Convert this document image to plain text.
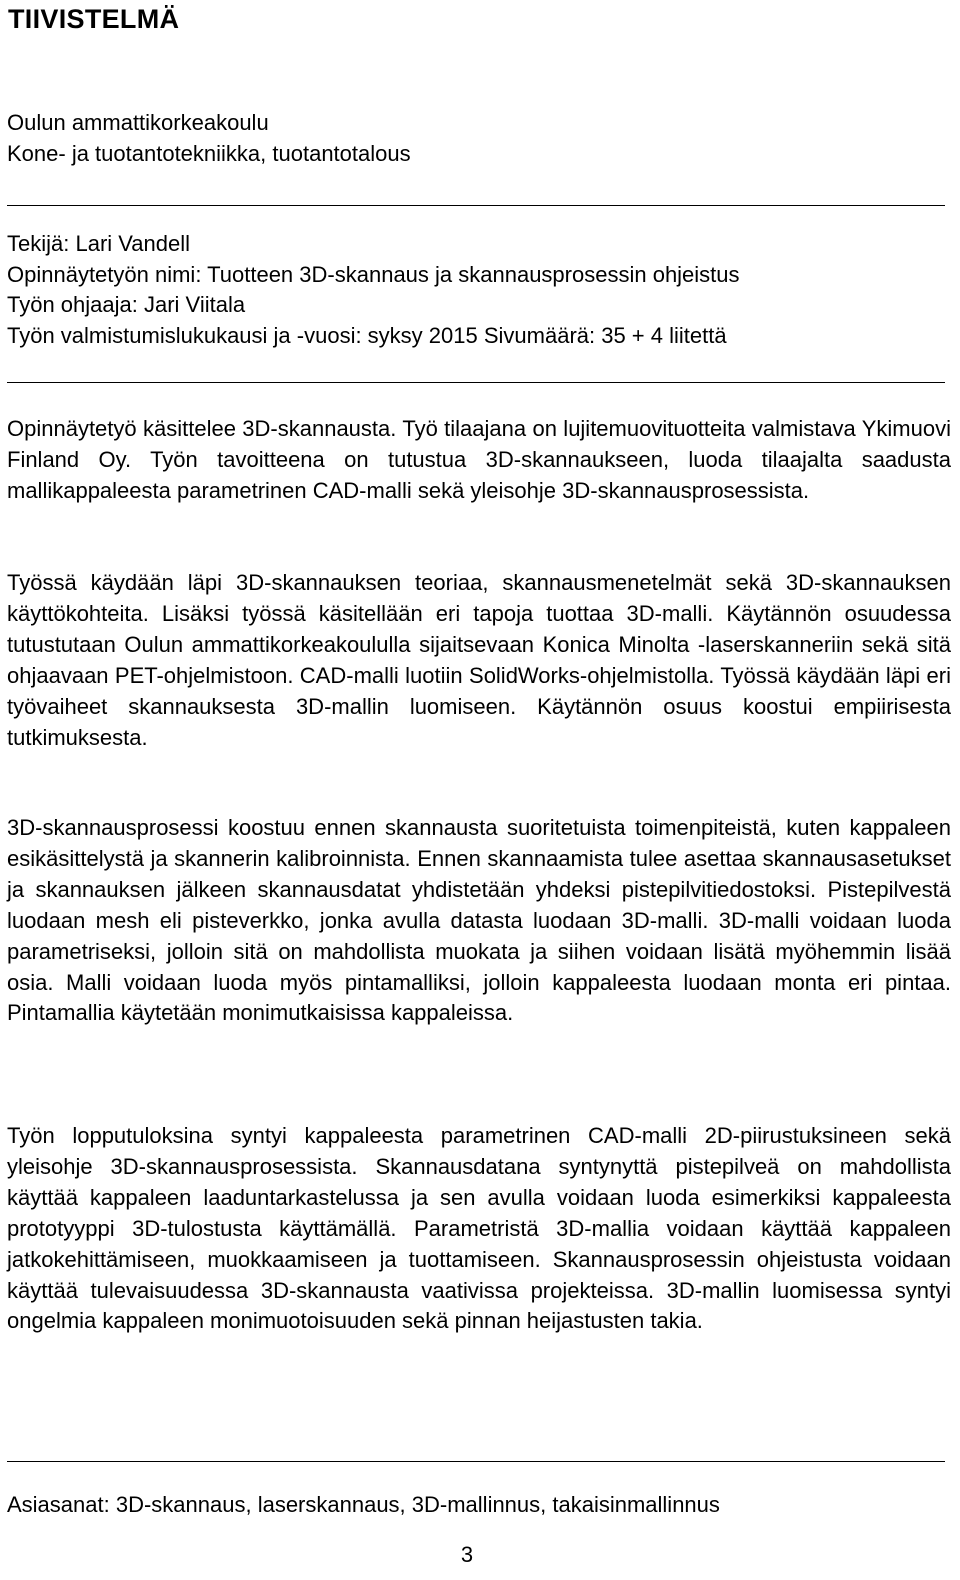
TIIVISTELMÄ
Oulun ammattikorkeakoulu
Kone- ja tuotantotekniikka, tuotantotalous
Tekijä: Lari Vandell
Opinnäytetyön nimi: Tuotteen 3D-skannaus ja skannausprosessin ohjeistus
Työn ohjaaja: Jari Viitala
Työn valmistumislukukausi ja -vuosi: syksy 2015 Sivumäärä: 35 + 4 liitettä

Opinnäytetyö käsittelee 3D-skannausta. Työ tilaajana on lujitemuovituotteita valmistava Ykimuovi Finland Oy. Työn tavoitteena on tutustua 3D-skannaukseen, luoda tilaajalta saadusta mallikappaleesta parametrinen CAD-malli sekä yleisohje 3D-skannausprosessista.

Työssä käydään läpi 3D-skannauksen teoriaa, skannausmenetelmät sekä 3D-skannauksen käyttökohteita. Lisäksi työssä käsitellään eri tapoja tuottaa 3D-malli. Käytännön osuudessa tutustutaan Oulun ammattikorkeakoululla sijaitsevaan Konica Minolta -laserskanneriin sekä sitä ohjaavaan PET-ohjelmistoon. CAD-malli luotiin SolidWorks-ohjelmistolla. Työssä käydään läpi eri työvaiheet skannauksesta 3D-mallin luomiseen. Käytännön osuus koostui empiirisesta tutkimuksesta.

3D-skannausprosessi koostuu ennen skannausta suoritetuista toimenpiteistä, kuten kappaleen esikäsittelystä ja skannerin kalibroinnista. Ennen skannaamista tulee asettaa skannausasetukset ja skannauksen jälkeen skannausdatat yhdistetään yhdeksi pistepilvitiedostoksi. Pistepilvestä luodaan mesh eli pisteverkko, jonka avulla datasta luodaan 3D-malli. 3D-malli voidaan luoda parametriseksi, jolloin sitä on mahdollista muokata ja siihen voidaan lisätä myöhemmin lisää osia. Malli voidaan luoda myös pintamalliksi, jolloin kappaleesta luodaan monta eri pintaa. Pintamallia käytetään monimutkaisissa kappaleissa.

Työn lopputuloksina syntyi kappaleesta parametrinen CAD-malli 2D-piirustuksineen sekä yleisohje 3D-skannausprosessista. Skannausdatana syntynyttä pistepilveä on mahdollista käyttää kappaleen laaduntarkastelussa ja sen avulla voidaan luoda esimerkiksi kappaleesta prototyyppi 3D-tulostusta käyttämällä. Parametristä 3D-mallia voidaan käyttää kappaleen jatkokehittämiseen, muokkaamiseen ja tuottamiseen. Skannausprosessin ohjeistusta voidaan käyttää tulevaisuudessa 3D-skannausta vaativissa projekteissa. 3D-mallin luomisessa syntyi ongelmia kappaleen monimuotoisuuden sekä pinnan heijastusten takia.

Asiasanat: 3D-skannaus, laserskannaus, 3D-mallinnus, takaisinmallinnus

3
